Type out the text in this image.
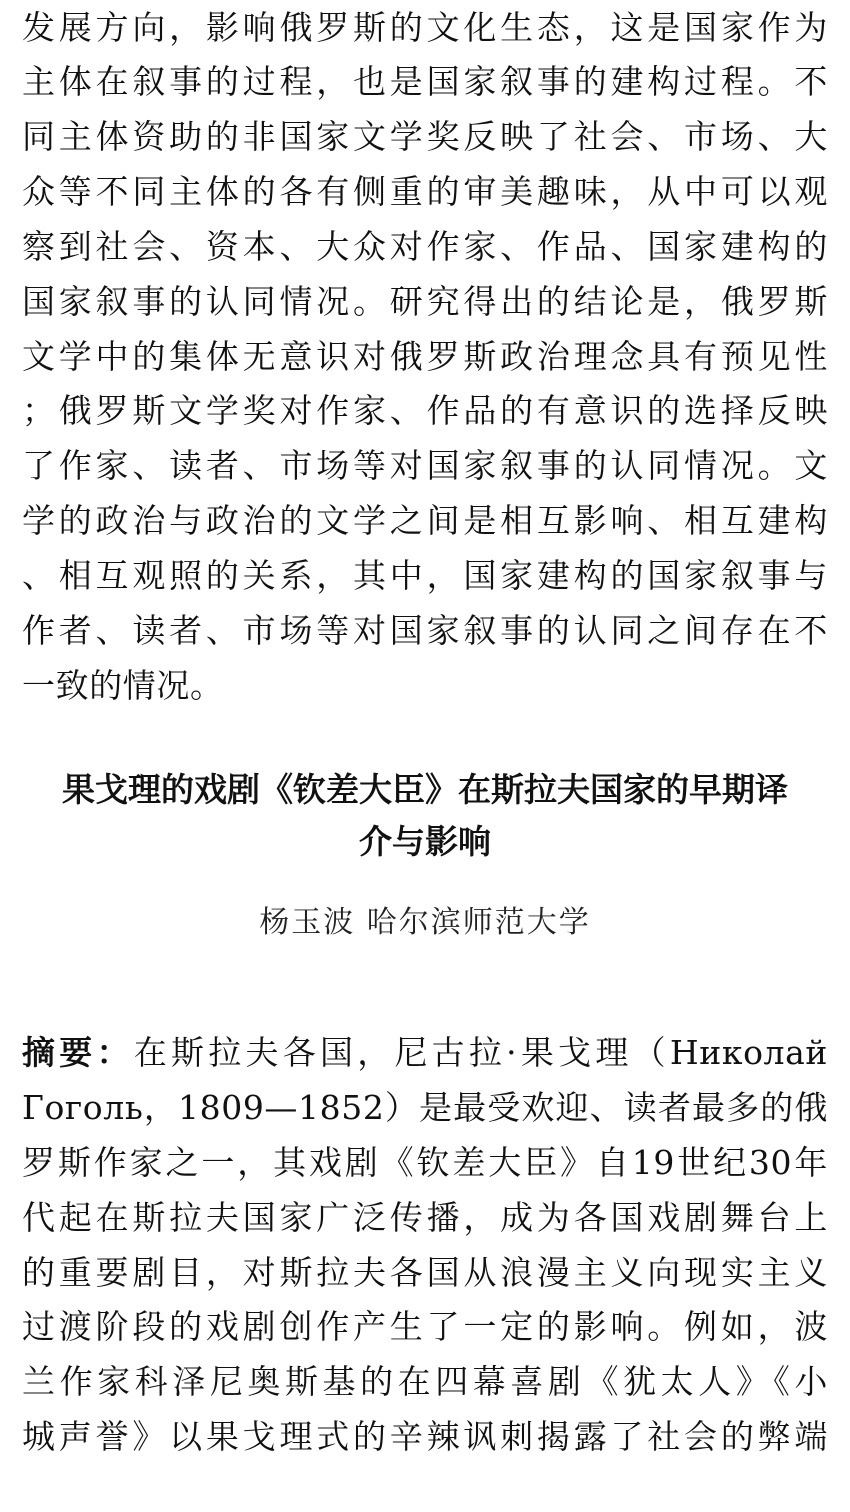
发展方向，影响俄罗斯的文化生态，这是国家作为
主体在叙事的过程，也是国家叙事的建构过程。不
同主体资助的非国家文学奖反映了社会、市场、大
众等不同主体的各有侧重的审美趣味，从中可以观
察到社会、资本、大众对作家、作品、国家建构的
国家叙事的认同情况。研究得出的结论是，俄罗斯
文学中的集体无意识对俄罗斯政治理念具有预见性
；俄罗斯文学奖对作家、作品的有意识的选择反映
了作家、读者、市场等对国家叙事的认同情况。文
学的政治与政治的文学之间是相互影响、相互建构
、相互观照的关系，其中，国家建构的国家叙事与
作者、读者、市场等对国家叙事的认同之间存在不
一致的情况。
果戈理的戏剧《钦差大臣》在斯拉夫国家的早期译
介与影响
杨玉波 哈尔滨师范大学
摘要：在斯拉夫各国，尼古拉·果戈理（Николай
Гоголь，1809—1852）是最受欢迎、读者最多的俄
罗斯作家之一，其戏剧《钦差大臣》自19世纪30年
代起在斯拉夫国家广泛传播，成为各国戏剧舞台上
的重要剧目，对斯拉夫各国从浪漫主义向现实主义
过渡阶段的戏剧创作产生了一定的影响。例如，波
兰作家科泽尼奥斯基的在四幕喜剧《犹太人》《小
城声誉》以果戈理式的辛辣讽刺揭露了社会的弊端
